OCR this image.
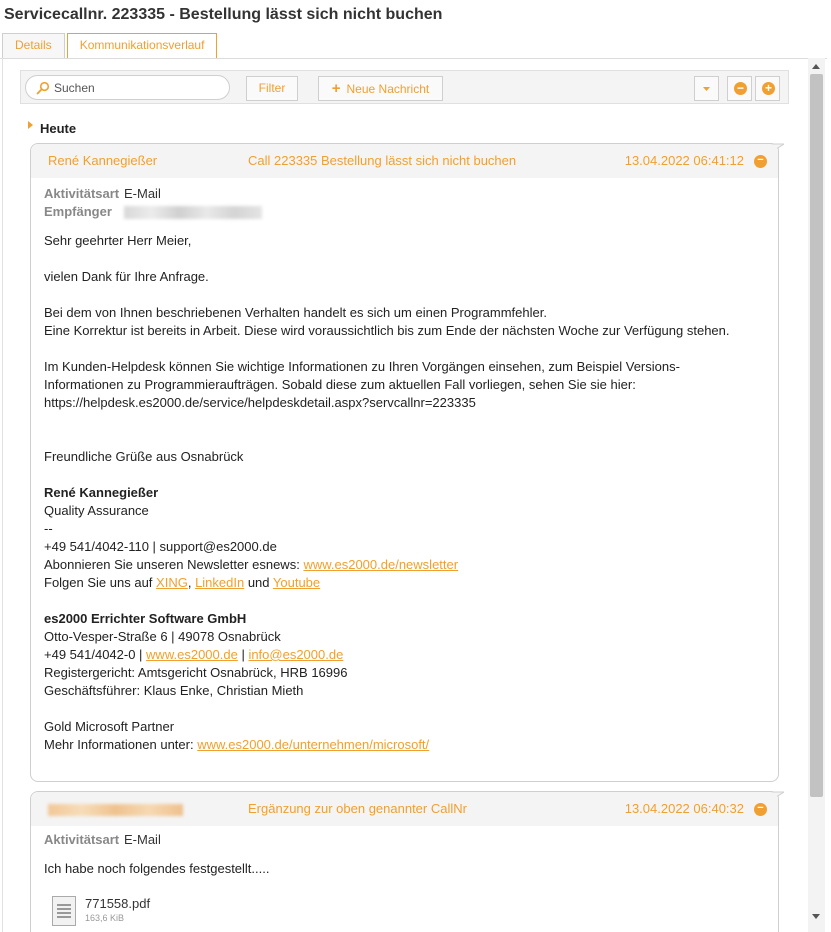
Servicecallnr. 223335 - Bestellung lässt sich nicht buchen
Details	Kommunikationsverlauf
Suchen
Filter	+ Neue Nachricht	− +
Heute
René Kannegießer	Call 223335 Bestellung lässt sich nicht buchen	13.04.2022 06:41:12 −
Aktivitätsart E-Mail
Empfänger

Sehr geehrter Herr Meier,

vielen Dank für Ihre Anfrage.

Bei dem von Ihnen beschriebenen Verhalten handelt es sich um einen Programmfehler.

Eine Korrektur ist bereits in Arbeit. Diese wird voraussichtlich bis zum Ende der nächsten Woche zur Verfügung stehen.

Im Kunden-Helpdesk können Sie wichtige Informationen zu Ihren Vorgängen einsehen, zum Beispiel Versions-

Informationen zu Programmieraufträgen. Sobald diese zum aktuellen Fall vorliegen, sehen Sie sie hier:

https://helpdesk.es2000.de/service/helpdeskdetail.aspx?servcallnr=223335

Freundliche Grüße aus Osnabrück

René Kannegießer

Quality Assurance

--

+49 541/4042-110 | support@es2000.de

Abonnieren Sie unseren Newsletter esnews: www.es2000.de/newsletter

Folgen Sie uns auf XING, LinkedIn und Youtube

es2000 Errichter Software GmbH

Otto-Vesper-Straße 6 | 49078 Osnabrück

+49 541/4042-0 | www.es2000.de | info@es2000.de

Registergericht: Amtsgericht Osnabrück, HRB 16996

Geschäftsführer: Klaus Enke, Christian Mieth

Gold Microsoft Partner

Mehr Informationen unter: www.es2000.de/unternehmen/microsoft/

Ergänzung zur oben genannter CallNr	13.04.2022 06:40:32 −
Aktivitätsart E-Mail

Ich habe noch folgendes festgestellt.....

771558.pdf
163,6 KiB
